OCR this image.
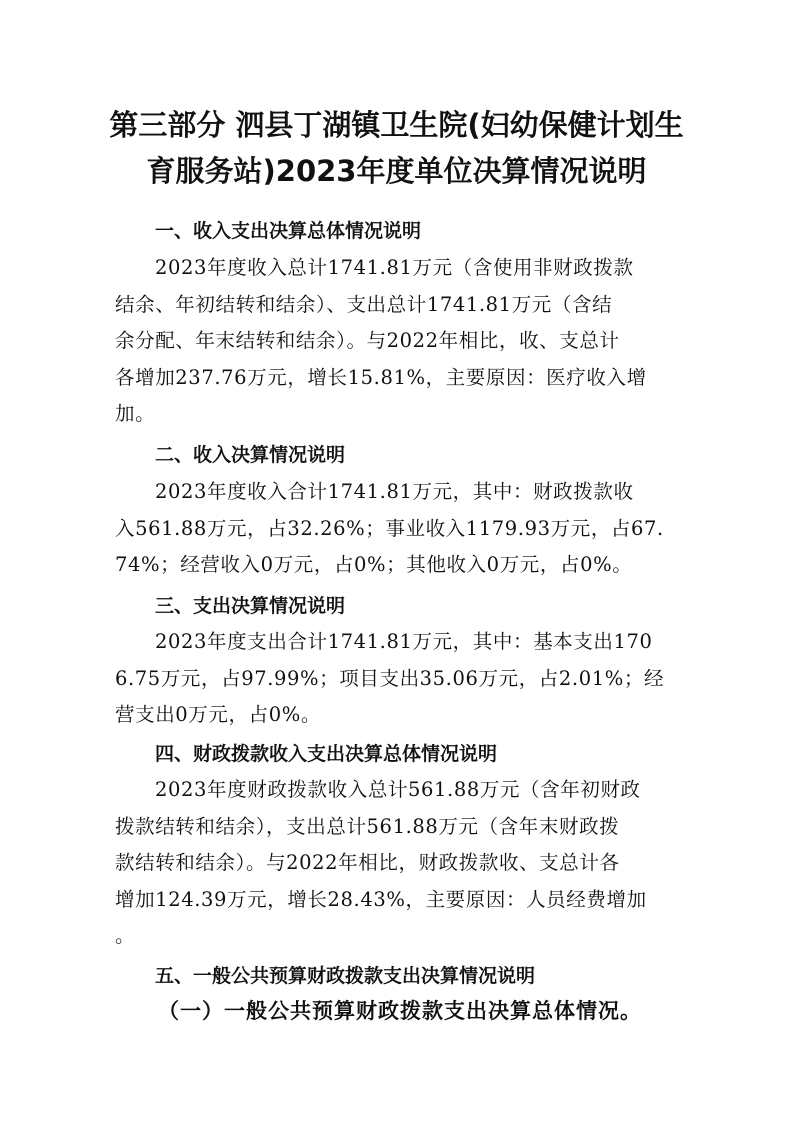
第三部分 泗县丁湖镇卫生院(妇幼保健计划生
育服务站)2023年度单位决算情况说明
一、收入支出决算总体情况说明
2023年度收入总计1741.81万元（含使用非财政拨款
结余、年初结转和结余）、支出总计1741.81万元（含结
余分配、年末结转和结余）。与2022年相比，收、支总计
各增加237.76万元，增长15.81%，主要原因：医疗收入增
加。
二、收入决算情况说明
2023年度收入合计1741.81万元，其中：财政拨款收
入561.88万元，占32.26%；事业收入1179.93万元，占67.
74%；经营收入0万元，占0%；其他收入0万元，占0%。
三、支出决算情况说明
2023年度支出合计1741.81万元，其中：基本支出170
6.75万元，占97.99%；项目支出35.06万元，占2.01%；经
营支出0万元，占0%。
四、财政拨款收入支出决算总体情况说明
2023年度财政拨款收入总计561.88万元（含年初财政
拨款结转和结余），支出总计561.88万元（含年末财政拨
款结转和结余）。与2022年相比，财政拨款收、支总计各
增加124.39万元，增长28.43%，主要原因：人员经费增加
。
五、一般公共预算财政拨款支出决算情况说明
（一）一般公共预算财政拨款支出决算总体情况。
